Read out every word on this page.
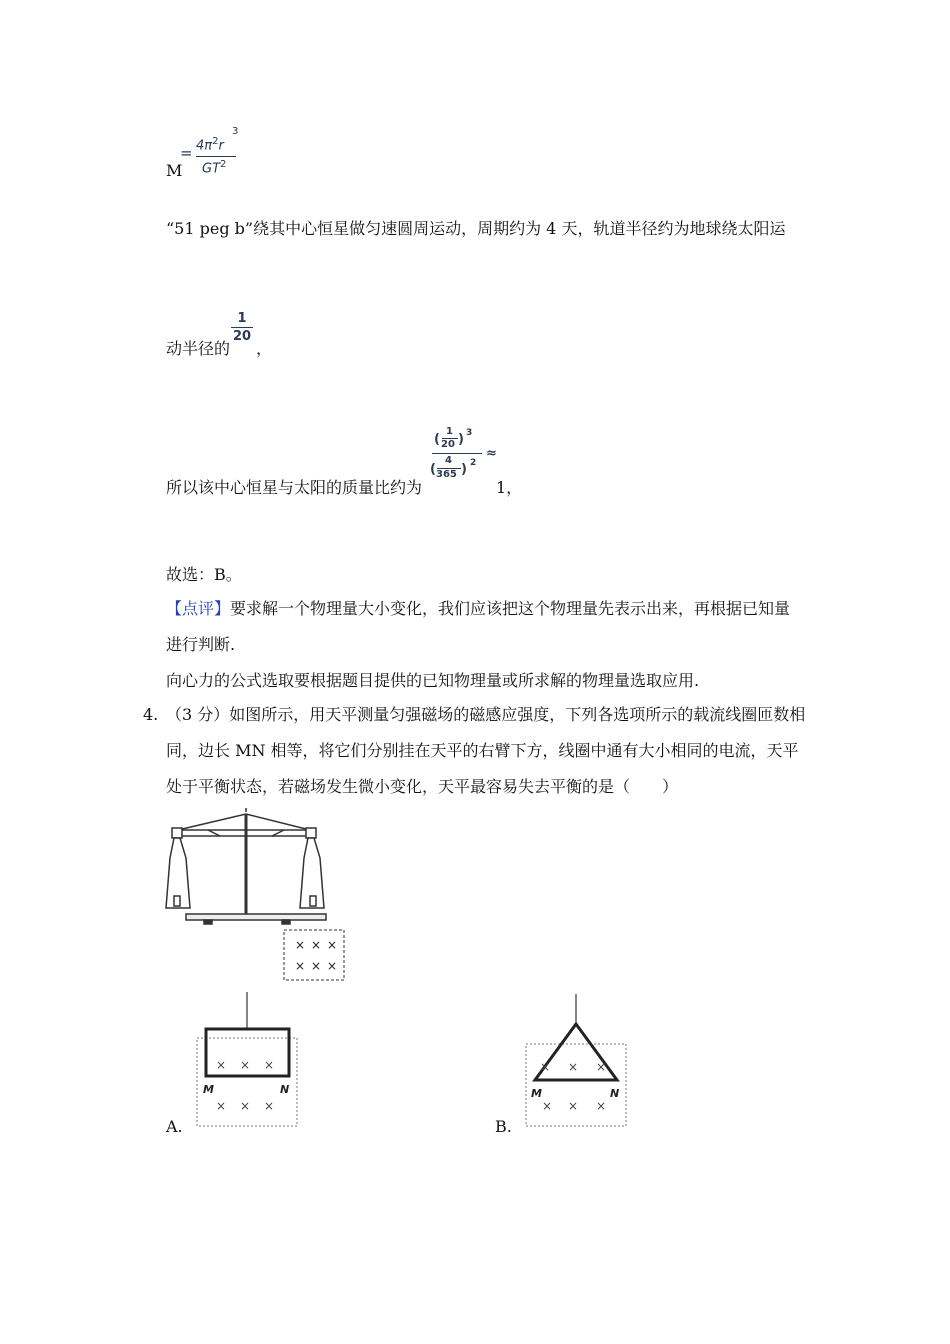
M
= $4\pi^2r$
3
$GT^2$
“51 peg b”绕其中心恒星做匀速圆周运动，周期约为 4 天，轨道半径约为地球绕太阳运
动半径的
1
20
，
所以该中心恒星与太阳的质量比约为
(
1
20 ) 3
(
4
365 ) 2
≈
1，
故选：B。
【点评】要求解一个物理量大小变化，我们应该把这个物理量先表示出来，再根据已知量
进行判断.
向心力的公式选取要根据题目提供的已知物理量或所求解的物理量选取应用.
4. （3 分）如图所示，用天平测量匀强磁场的磁感应强度，下列各选项所示的载流线圈匝数相
同，边长 MN 相等，将它们分别挂在天平的右臂下方，线圈中通有大小相同的电流，天平
处于平衡状态，若磁场发生微小变化，天平最容易失去平衡的是（　　）
× × ×
× × ×
× × ×
× × ×
M	N
A.
× × ×
× × ×
M	N
B.
